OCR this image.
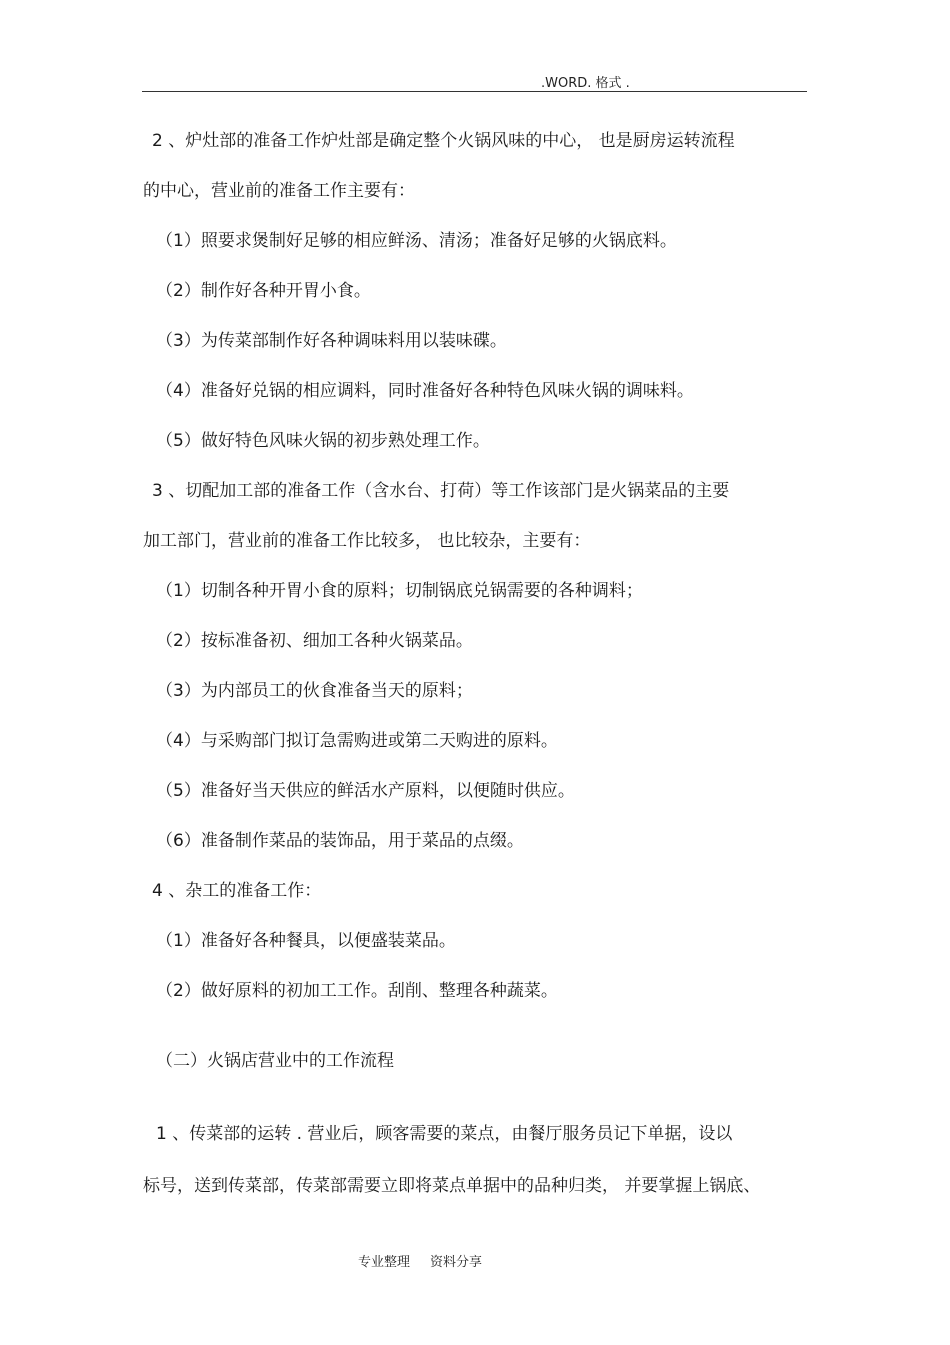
.WORD. 格式 .
2 、炉灶部的准备工作炉灶部是确定整个火锅风味的中心， 也是厨房运转流程
的中心，营业前的准备工作主要有：
（1）照要求煲制好足够的相应鲜汤、清汤；准备好足够的火锅底料。
（2）制作好各种开胃小食。
（3）为传菜部制作好各种调味料用以装味碟。
（4）准备好兑锅的相应调料，同时准备好各种特色风味火锅的调味料。
（5）做好特色风味火锅的初步熟处理工作。
3 、切配加工部的准备工作（含水台、打荷）等工作该部门是火锅菜品的主要
加工部门，营业前的准备工作比较多， 也比较杂，主要有：
（1）切制各种开胃小食的原料；切制锅底兑锅需要的各种调料；
（2）按标准备初、细加工各种火锅菜品。
（3）为内部员工的伙食准备当天的原料；
（4）与采购部门拟订急需购进或第二天购进的原料。
（5）准备好当天供应的鲜活水产原料，以便随时供应。
（6）准备制作菜品的装饰品，用于菜品的点缀。
4 、杂工的准备工作：
（1）准备好各种餐具，以便盛装菜品。
（2）做好原料的初加工工作。刮削、整理各种蔬菜。
（二）火锅店营业中的工作流程
1 、传菜部的运转 . 营业后，顾客需要的菜点，由餐厅服务员记下单据，设以
标号，送到传菜部，传菜部需要立即将菜点单据中的品种归类， 并要掌握上锅底、
专业整理 资料分享
